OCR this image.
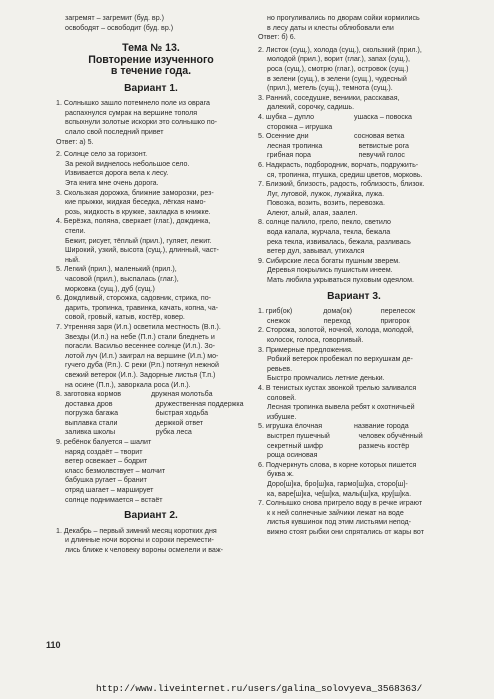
загремят – загремит (буд. вр.)
освободят – освободит (буд. вр.)
Тема № 13.
Повторение изученного
в течение года.
Вариант 1.
1. Солнышко зашло потемнело поле из оврага
распахнулся сумрак на вершине тополя
вспыхнули золотые искорки это солнышко по-
слало свой последний привет
Ответ: а) 5.
2. Солнце село за горизонт.
За рекой виднелось небольшое село.
Извивается дорога вела к лесу.
Эта книга мне очень дорога.
3. Скользкая дорожка, ближние заморозки, рез-
кие прыжки, жидкая беседка, лёгкая намо-
розь, жидкость в кружке, закладка в книжке.
4. Берёзка, поляна, сверкает (глаг.), дождинка,
стели.
Бежит, рисует, тёплый (прил.), гуляет, лежит.
Широкий, узкий, высота (сущ.), длинный, част-
ный.
5. Легкий (прил.), маленький (прил.),
часовой (прил.), выспалась (глаг.),
морковка (сущ.), дуб (сущ.)
6. Дождливый, сторожка, садовник, стрика, по-
дарить, тропинка, травинка, качать, копна, ча-
совой, гровый, катыв, костёр, ковер.
7. Утренняя заря (И.п.) осветила местность (В.п.).
Звезды (И.п.) на небе (П.п.) стали бледнеть и
погасли. Васильо весеннее солнце (И.п.). Зо-
лотой луч (И.п.) заиграл на вершине (И.п.) мо-
гучего дуба (Р.п.). С реки (Р.п.) потянул нежной
свежий ветерок (И.п.). Задорные листья (Т.п.)
на осине (П.п.), заворкала роса (И.п.).
8. заготовка кормов	дружная молотьба
доставка дров	дружественная поддержка
погрузка багажа	быстрая ходьба
выплавка стали	держкой ответ
заливка школы	рубка леса
9. ребёнок балуется – шалит
наряд создаёт – творит
ветер освежает – бодрит
класс безмолвствует – молчит
бабушка ругает – бранит
отряд шагает – марширует
солнце поднимается – встаёт
Вариант 2.
1. Декабрь – первый зимний месяц коротких дня
и длинные ночи вороны и сороки перемести-
лись ближе к человеку вороны осмелели и важ-
но прогуливались по дворам сойки кормились
в лесу даты и клесты облюбовали ели
Ответ: б) 6.
2. Листок (сущ.), холода (сущ.), скользкий (прил.),
молодой (прил.), ворит (глаг.), запах (сущ.),
роса (сущ.), смотрю (глаг.), островок (сущ.)
в зелени (сущ.), в зелени (сущ.), чудесный
(прил.), метель (сущ.), темнота (сущ.).
3. Ранний, соседушке, вениики, расскавая,
далекий, сорочку, садишь.
4. шубка – дупло	ушаска – повоска
сторожка – игрушка
5. Осенние дни	сосновая ветка
лесная тропинка	ветвистые рога
грибная пора	певучий голос
6. Надкрасть, подбородник, ворчать, подружить-
ся, тропинка, птушка, средиш цветов, морковь.
7. Близкий, близость, радость, гоблизость, близок.
Луг, луговой, лужок, лужайка, лужа.
Повозка, возить, возить, перевозка.
Алеют, алый, алая, заалел.
8. солнце палило, грело, пекло, светило
вода капала, журчала, текла, бежала
река текла, извивалась, бежала, разливась
ветер дул, завывал, утихался
9. Сибирские леса богаты пушным зверем.
Деревья покрылись пушистым инеем.
Мать любила укрываться пуховым одеялом.
Вариант 3.
1. гриб(ок)	дома(ок)	перелесок
снежок	переход	пригорок
2. Сторожа, золотой, ночной, холода, молодой,
колосок, голоса, говорливый.
3. Примерные предложения.
Робкий ветерок пробежал по верхушкам де-
ревьев.
Быстро промчались летние деньки.
4. В тенистых кустах звонкой трелью заливался
соловей.
Лесная тропинка вывела ребят к охотничьей
избушке.
5. игрушка ёлочная	название города
выстрел пушечный	человек обучённый
секретный шифр	разжечь костёр
роща осиновая
6. Подчеркнуть слова, в корне которых пишется
буква ж.
Доро[ш]ка, бро[ш]ка, гармо[ш]ка, сторо[ш]-
ка, варе[ш]ка, че[ш]ка, малы[ш]ка, кру[ш]ка.
7. Солнышко снова пригрело воду в речке играют
к к ней солнечные зайчики лежат на воде
листья кувшинок под этим листьями непод-
вижно стоят рыбки они спрятались от жары вот
110
http://www.liveinternet.ru/users/galina_solovyeva_3568363/
